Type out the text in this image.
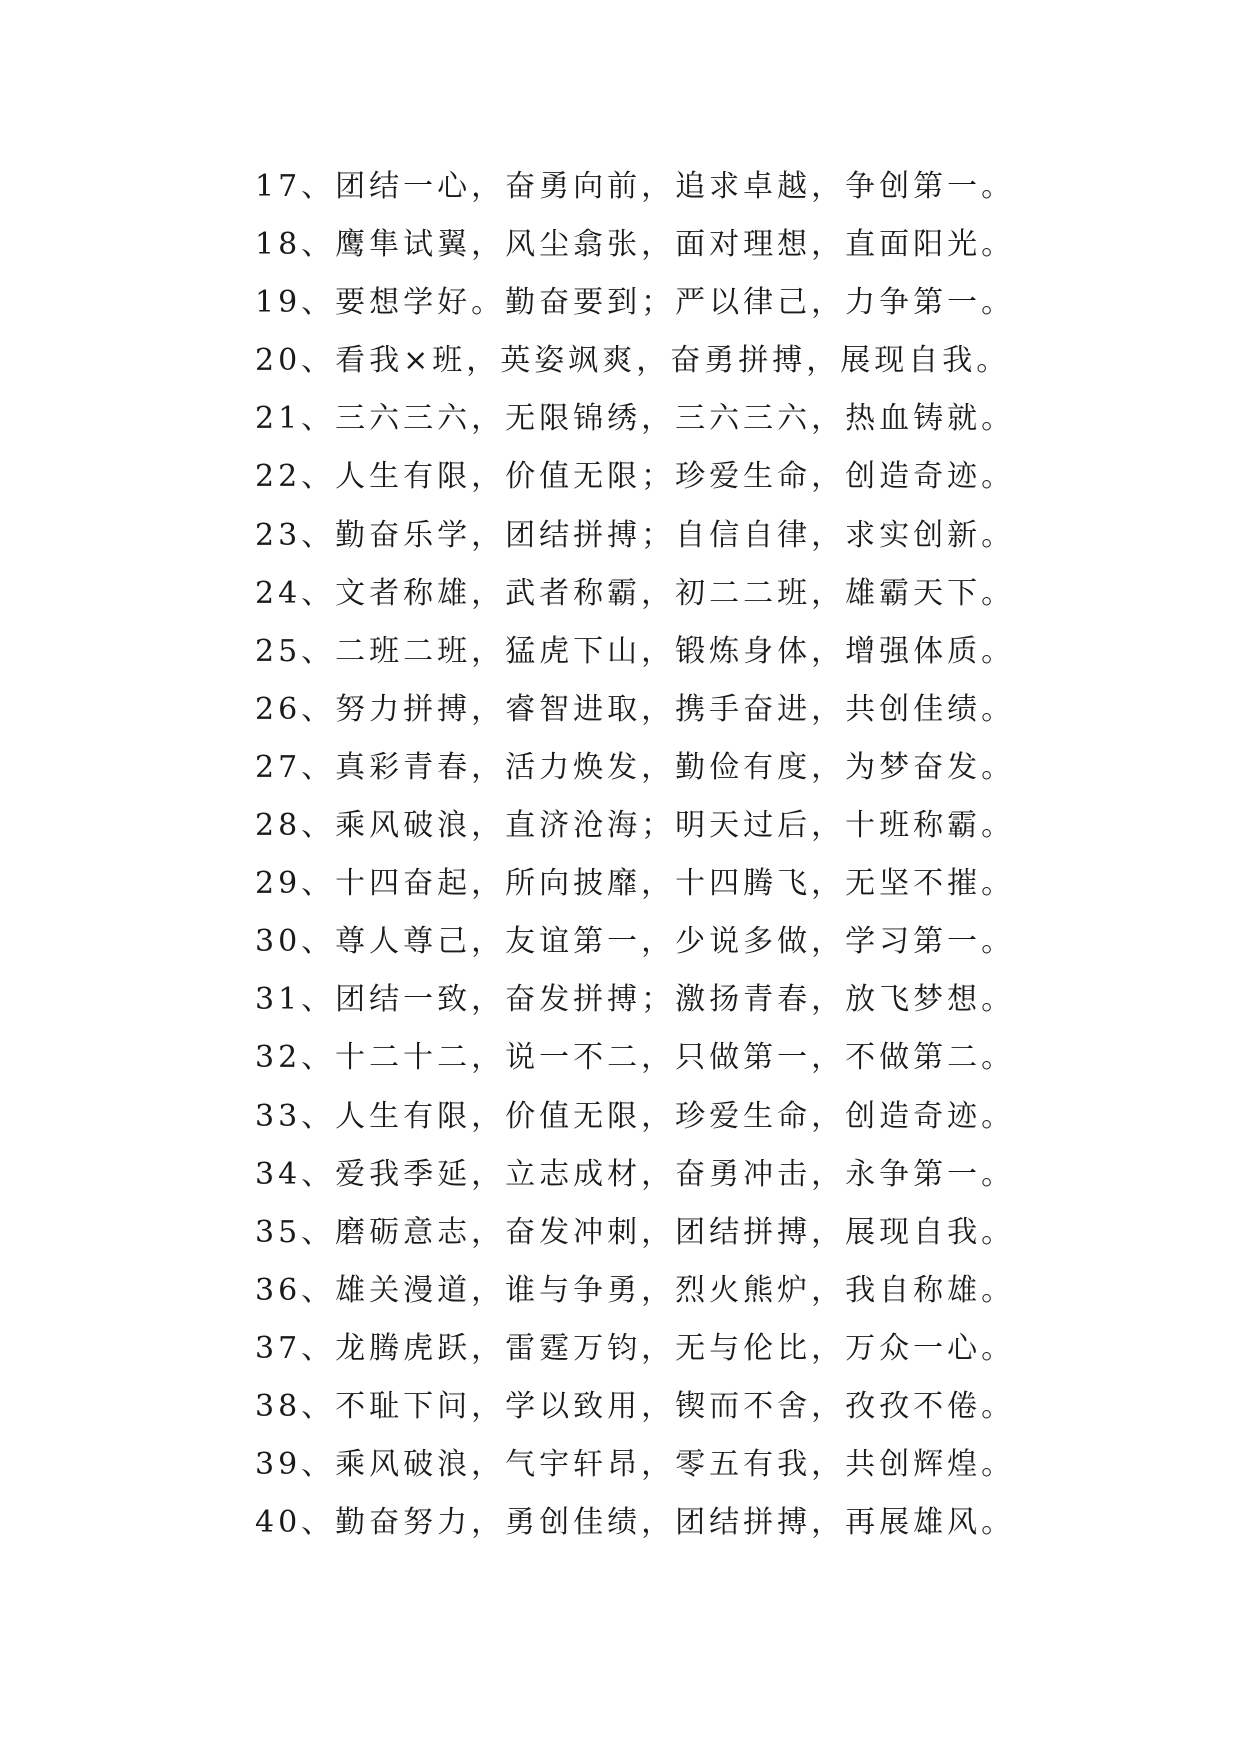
17、团结一心，奋勇向前，追求卓越，争创第一。
18、鹰隼试翼，风尘翕张，面对理想，直面阳光。
19、要想学好。勤奋要到；严以律己，力争第一。
20、看我×班，英姿飒爽，奋勇拼搏，展现自我。
21、三六三六，无限锦绣，三六三六，热血铸就。
22、人生有限，价值无限；珍爱生命，创造奇迹。
23、勤奋乐学，团结拼搏；自信自律，求实创新。
24、文者称雄，武者称霸，初二二班，雄霸天下。
25、二班二班，猛虎下山，锻炼身体，增强体质。
26、努力拼搏，睿智进取，携手奋进，共创佳绩。
27、真彩青春，活力焕发，勤俭有度，为梦奋发。
28、乘风破浪，直济沧海；明天过后，十班称霸。
29、十四奋起，所向披靡，十四腾飞，无坚不摧。
30、尊人尊己，友谊第一，少说多做，学习第一。
31、团结一致，奋发拼搏；激扬青春，放飞梦想。
32、十二十二，说一不二，只做第一，不做第二。
33、人生有限，价值无限，珍爱生命，创造奇迹。
34、爱我季延，立志成材，奋勇冲击，永争第一。
35、磨砺意志，奋发冲刺，团结拼搏，展现自我。
36、雄关漫道，谁与争勇，烈火熊炉，我自称雄。
37、龙腾虎跃，雷霆万钧，无与伦比，万众一心。
38、不耻下问，学以致用，锲而不舍，孜孜不倦。
39、乘风破浪，气宇轩昂，零五有我，共创辉煌。
40、勤奋努力，勇创佳绩，团结拼搏，再展雄风。
